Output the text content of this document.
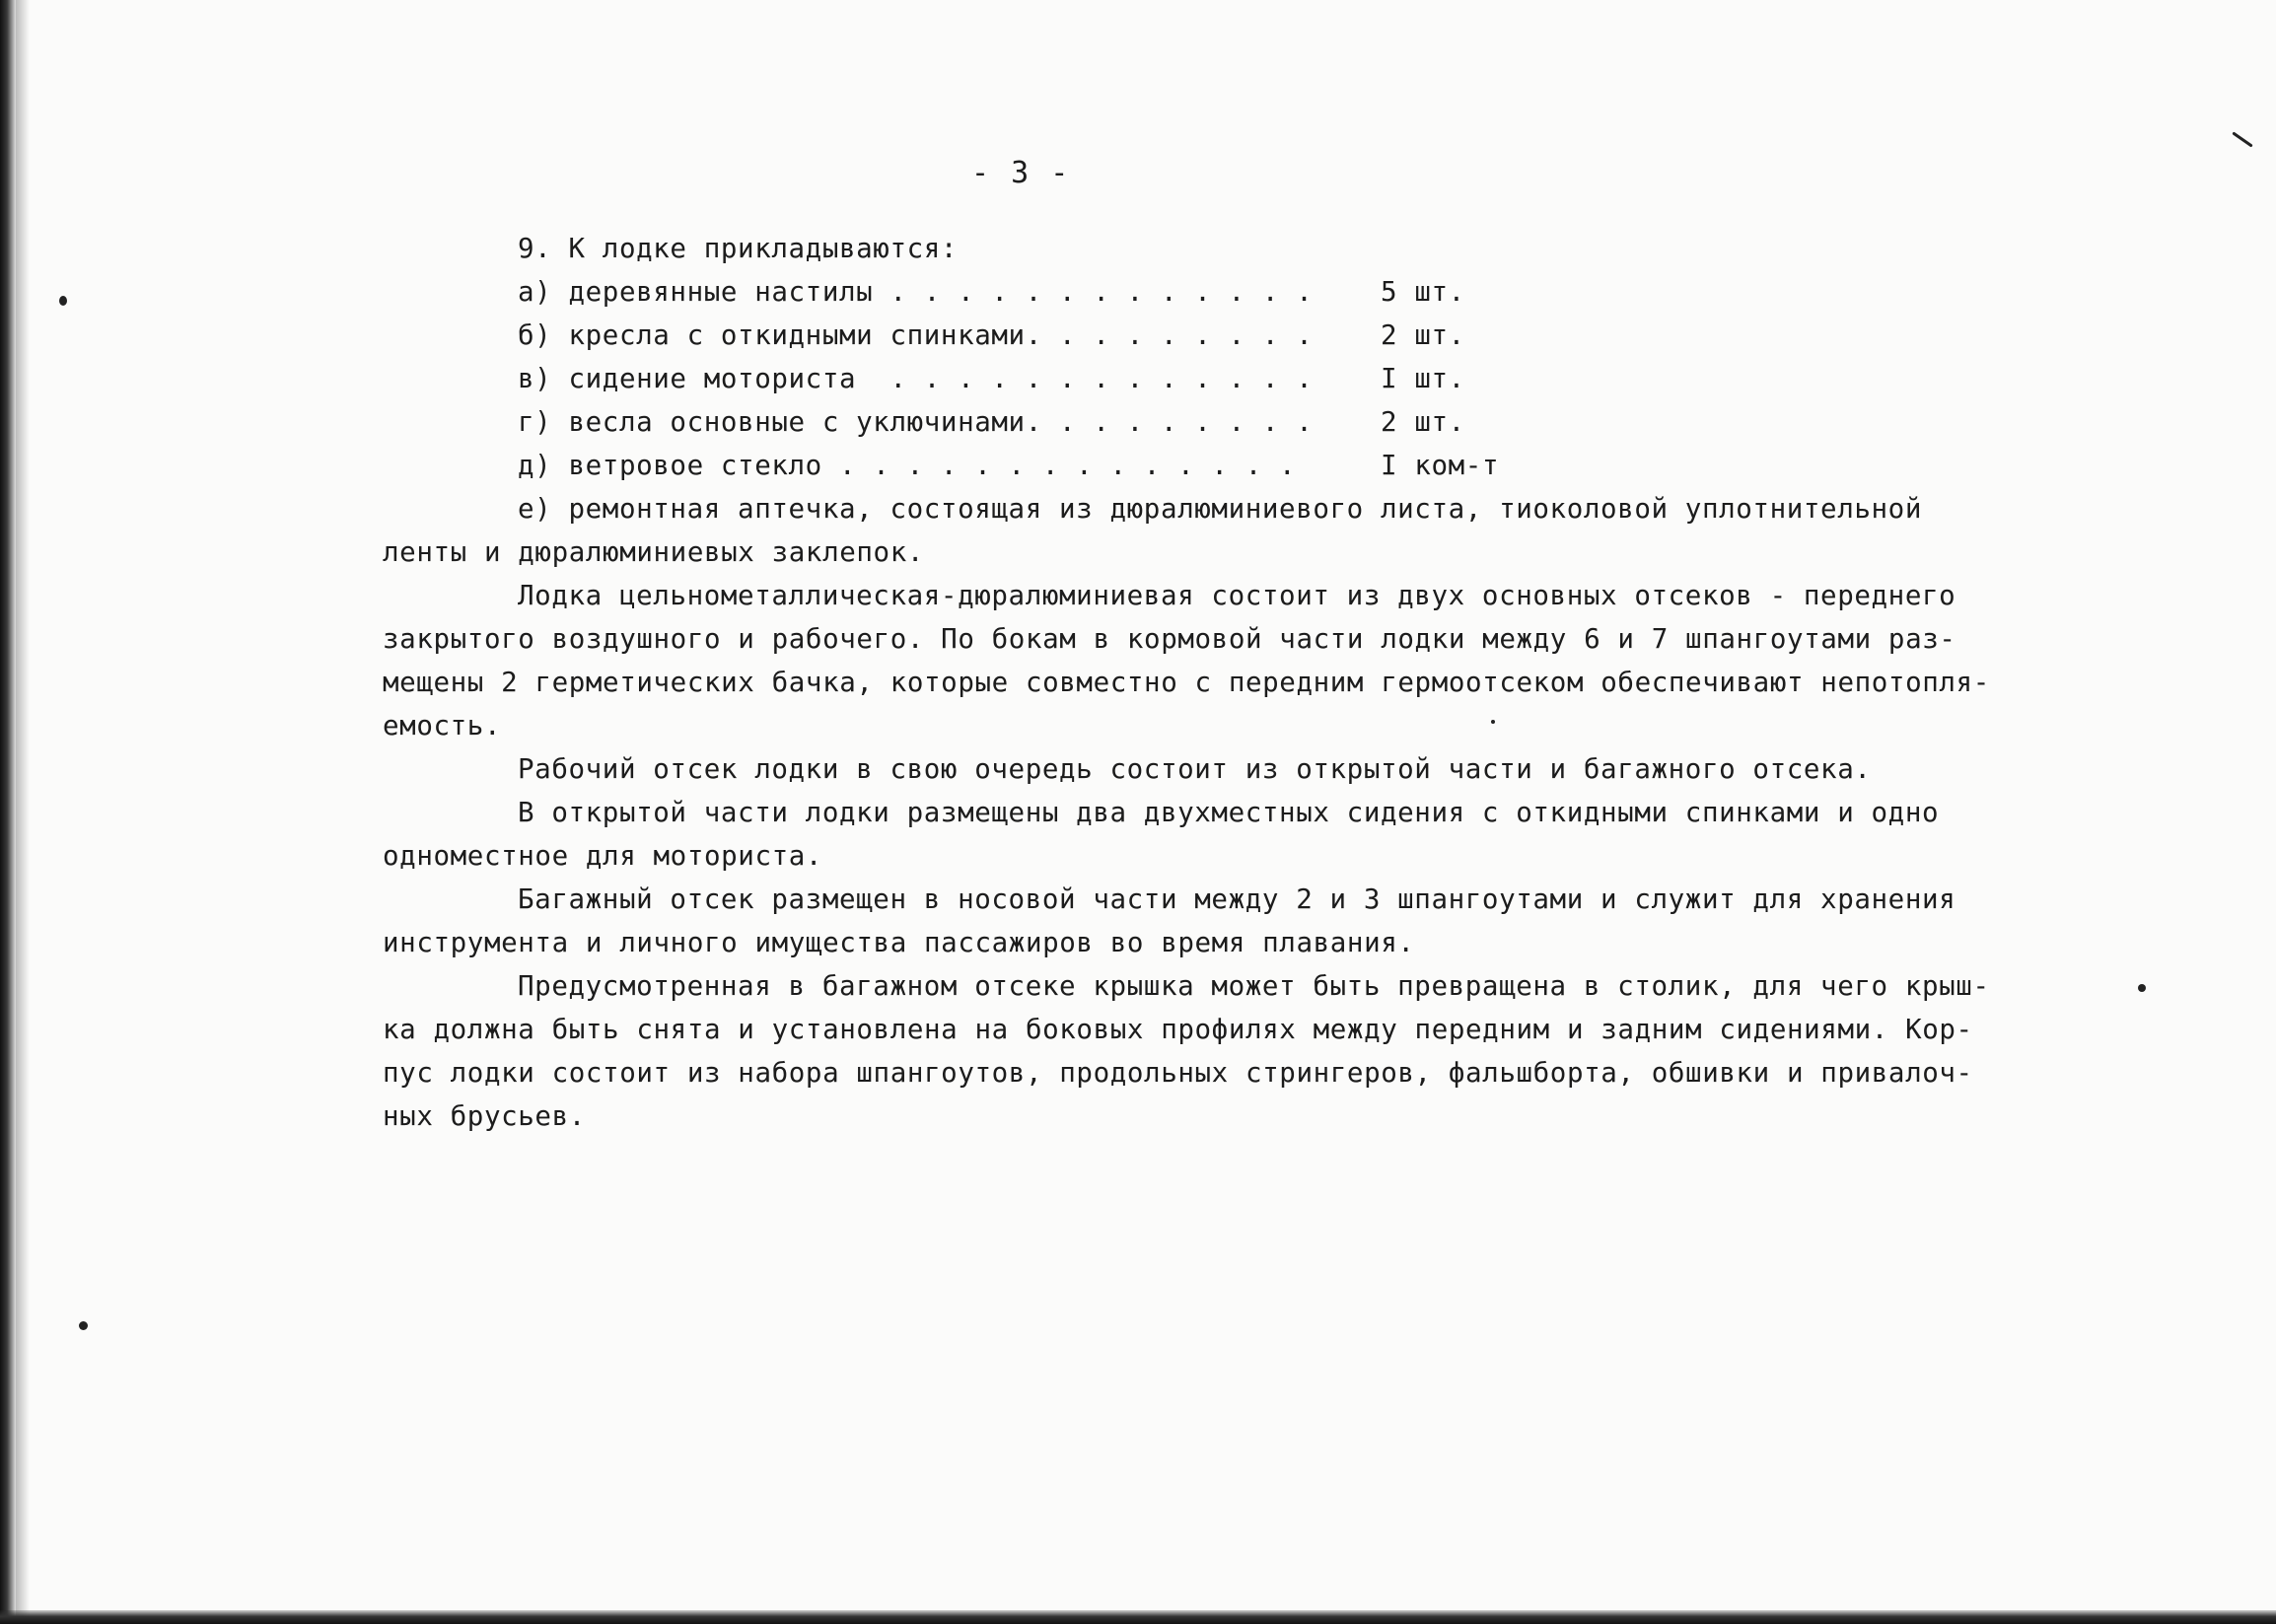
- 3 -
9. К лодке прикладываются:

а) деревянные настилы . . . . . . . . . . . . .

5 шт.

б) кресла с откидными спинками. . . . . . . . .

2 шт.

в) сидение моториста  . . . . . . . . . . . . .

I шт.

г) весла основные с уключинами. . . . . . . . .

2 шт.

д) ветровое стекло . . . . . . . . . . . . . .

	I ком-т

е) ремонтная аптечка, состоящая из дюралюминиевого листа, тиоколовой уплотнительной
ленты и дюралюминиевых заклепок.
Лодка цельнометаллическая-дюралюминиевая состоит из двух основных отсеков - переднего
закрытого воздушного и рабочего. По бокам в кормовой части лодки между 6 и 7 шпангоутами раз-
мещены 2 герметических бачка, которые совместно с передним гермоотсеком обеспечивают непотопля-
емость.
Рабочий отсек лодки в свою очередь состоит из открытой части и багажного отсека.
В открытой части лодки размещены два двухместных сидения с откидными спинками и одно
одноместное для моториста.
Багажный отсек размещен в носовой части между 2 и 3 шпангоутами и служит для хранения
инструмента и личного имущества пассажиров во время плавания.
Предусмотренная в багажном отсеке крышка может быть превращена в столик, для чего крыш-
ка должна быть снята и установлена на боковых профилях между передним и задним сидениями. Кор-
пус лодки состоит из набора шпангоутов, продольных стрингеров, фальшборта, обшивки и привалоч-
ных брусьев.
